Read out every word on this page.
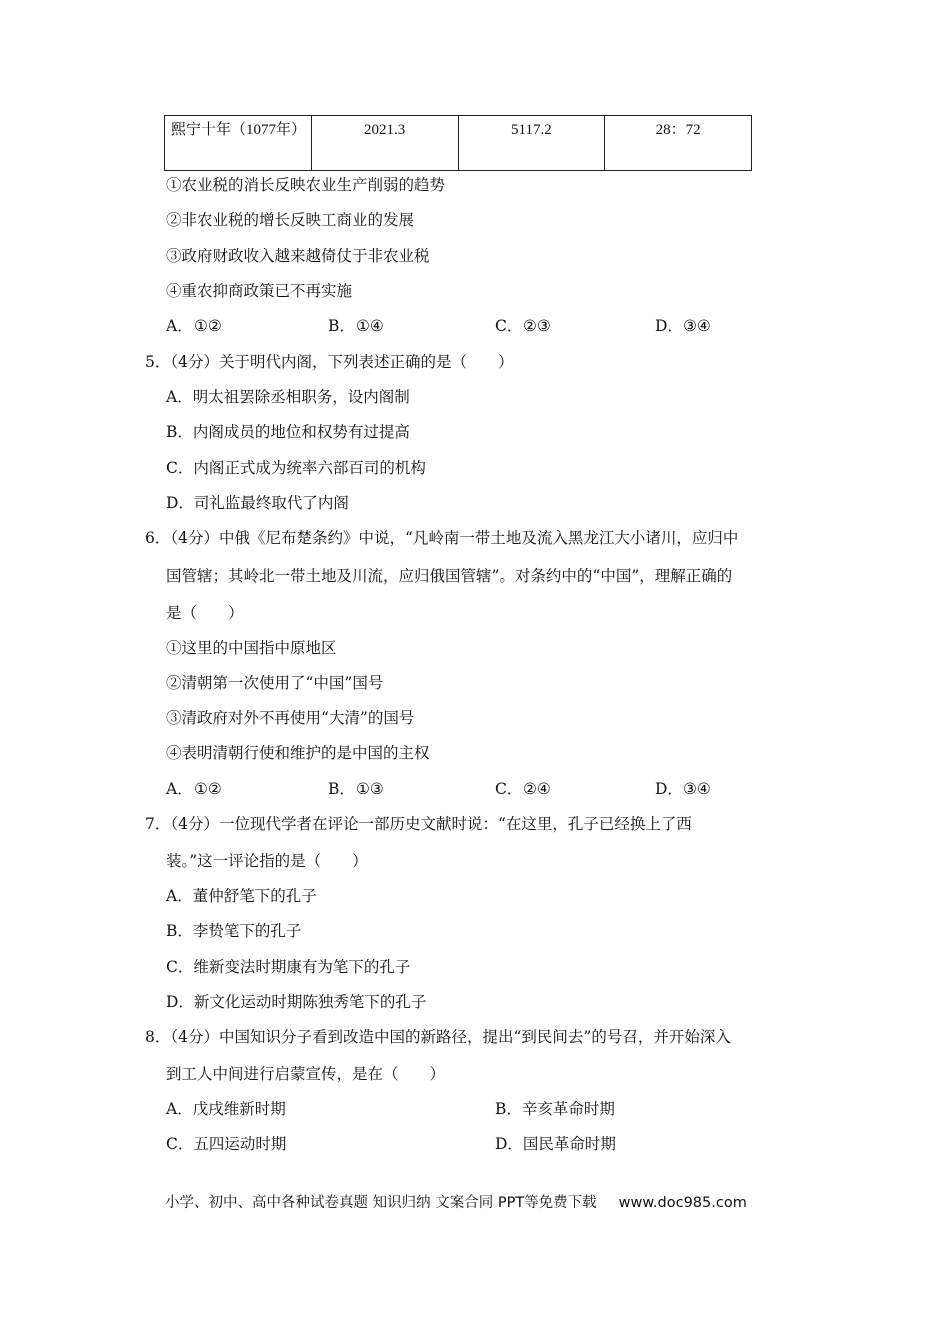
熙宁十年（1077年）	2021.3	5117.2	28：72
①农业税的消长反映农业生产削弱的趋势
②非农业税的增长反映工商业的发展
③政府财政收入越来越倚仗于非农业税
④重农抑商政策已不再实施
A．①②	B．①④	C．②③	D．③④
5．（4分）关于明代内阁，下列表述正确的是（　　）
A．明太祖罢除丞相职务，设内阁制
B．内阁成员的地位和权势有过提高
C．内阁正式成为统率六部百司的机构
D．司礼监最终取代了内阁
6．（4分）中俄《尼布楚条约》中说，“凡岭南一带土地及流入黑龙江大小诸川，应归中
国管辖；其岭北一带土地及川流，应归俄国管辖”。对条约中的“中国”，理解正确的
是（　　）
①这里的中国指中原地区
②清朝第一次使用了“中国”国号
③清政府对外不再使用“大清”的国号
④表明清朝行使和维护的是中国的主权
A．①②	B．①③	C．②④	D．③④
7．（4分）一位现代学者在评论一部历史文献时说：“在这里，孔子已经换上了西
装。”这一评论指的是（　　）
A．董仲舒笔下的孔子
B．李贽笔下的孔子
C．维新变法时期康有为笔下的孔子
D．新文化运动时期陈独秀笔下的孔子
8．（4分）中国知识分子看到改造中国的新路径，提出“到民间去”的号召，并开始深入
到工人中间进行启蒙宣传，是在（　　）
A．戊戌维新时期	B．辛亥革命时期
C．五四运动时期	D．国民革命时期
小学、初中、高中各种试卷真题 知识归纳 文案合同 PPT等免费下载 www.doc985.com
